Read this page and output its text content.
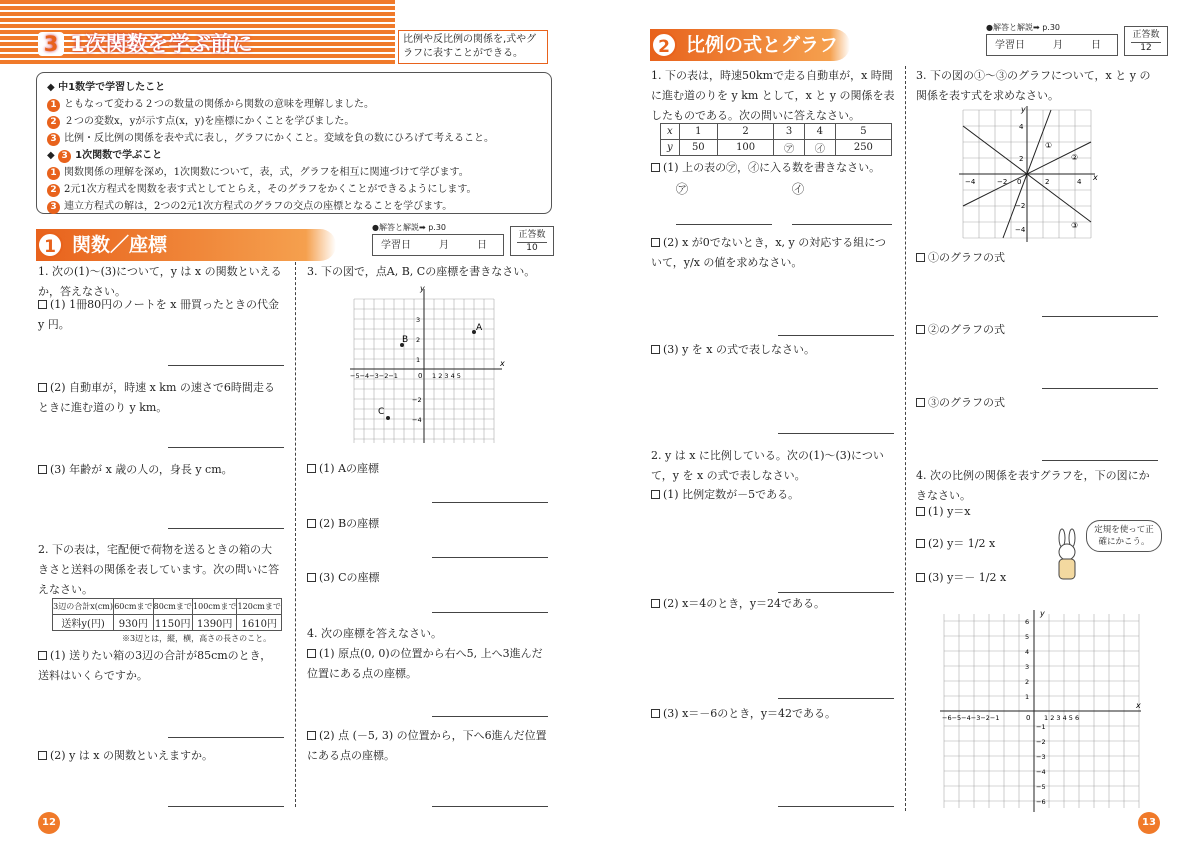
3 1次関数を学ぶ前に	比例や反比例の関係を,式やグラフに表すことができる。
◆ 中1数学で学習したこと
1 ともなって変わる２つの数量の関係から関数の意味を理解しました。
2 ２つの変数x，yが示す点(x，y)を座標にかくことを学びました。
3 比例・反比例の関係を表や式に表し，グラフにかくこと。変域を負の数にひろげて考えること。
◆ 3 1次関数で学ぶこと
1 関数関係の理解を深め，1次関数について，表，式，グラフを相互に関連づけて学びます。
2 2元1次方程式を関数を表す式としてとらえ，そのグラフをかくことができるようにします。
3 連立方程式の解は，2つの2元1次方程式のグラフの交点の座標となることを学びます。
関数／座標
1
●解答と解説➡ p.30
学習日	月	日
正答数
10
1. 次の(1)～(3)について，y は x の関数といえるか，答えなさい。
(1) 1冊80円のノートを x 冊買ったときの代金 y 円。
(2) 自動車が，時速 x km の速さで6時間走るときに進む道のり y km。
(3) 年齢が x 歳の人の，身長 y cm。
2. 下の表は，宅配便で荷物を送るときの箱の大きさと送料の関係を表しています。次の問いに答えなさい。
3辺の合計x(cm)	60cmまで	80cmまで	100cmまで	120cmまで
送料y(円)	930円	1150円	1390円	1610円
※3辺とは，縦，横，高さの長さのこと。
(1) 送りたい箱の3辺の合計が85cmのとき，送料はいくらですか。
(2) y は x の関数といえますか。
3. 下の図で，点A, B, Cの座標を書きなさい。
x
y
0
−5−4−3−2−1	1 2 3 4 5
3
2
1
−2
−4
A
B
C
(1) Aの座標
(2) Bの座標
(3) Cの座標
4. 次の座標を答えなさい。
(1) 原点(0, 0)の位置から右へ5, 上へ3進んだ位置にある点の座標。
(2) 点 (－5, 3) の位置から，下へ6進んだ位置にある点の座標。
12
比例の式とグラフ
2
●解答と解説➡ p.30
学習日	月	日
正答数
12
1. 下の表は，時速50kmで走る自動車が，x 時間に進む道のりを y km として，x と y の関係を表したものである。次の問いに答えなさい。
x	1	2	3	4	5
y	50	100	㋐	㋑	250
(1) 上の表の㋐，㋑に入る数を書きなさい。
㋐	㋑
(2) x が0でないとき，x, y の対応する組について，y/x の値を求めなさい。
(3) y を x の式で表しなさい。
2. y は x に比例している。次の(1)～(3)について，y を x の式で表しなさい。
(1) 比例定数が－5である。
(2) x＝4のとき，y＝24である。
(3) x＝－6のとき，y＝42である。
3. 下の図の①～③のグラフについて，x と y の関係を表す式を求めなさい。
①
②
③
x
y
0
−4	−2	2	4
4
2
−2
−4
①のグラフの式
②のグラフの式
③のグラフの式
4. 次の比例の関係を表すグラフを，下の図にかきなさい。
(1) y＝x
(2) y＝ 1/2 x
(3) y＝－ 1/2 x
定規を使って正確にかこう。
x
y
0
−6−5−4−3−2−1	1 2 3 4 5 6
6
5
4
3
2
1
−1
−2
−3
−4
−5
−6
13
